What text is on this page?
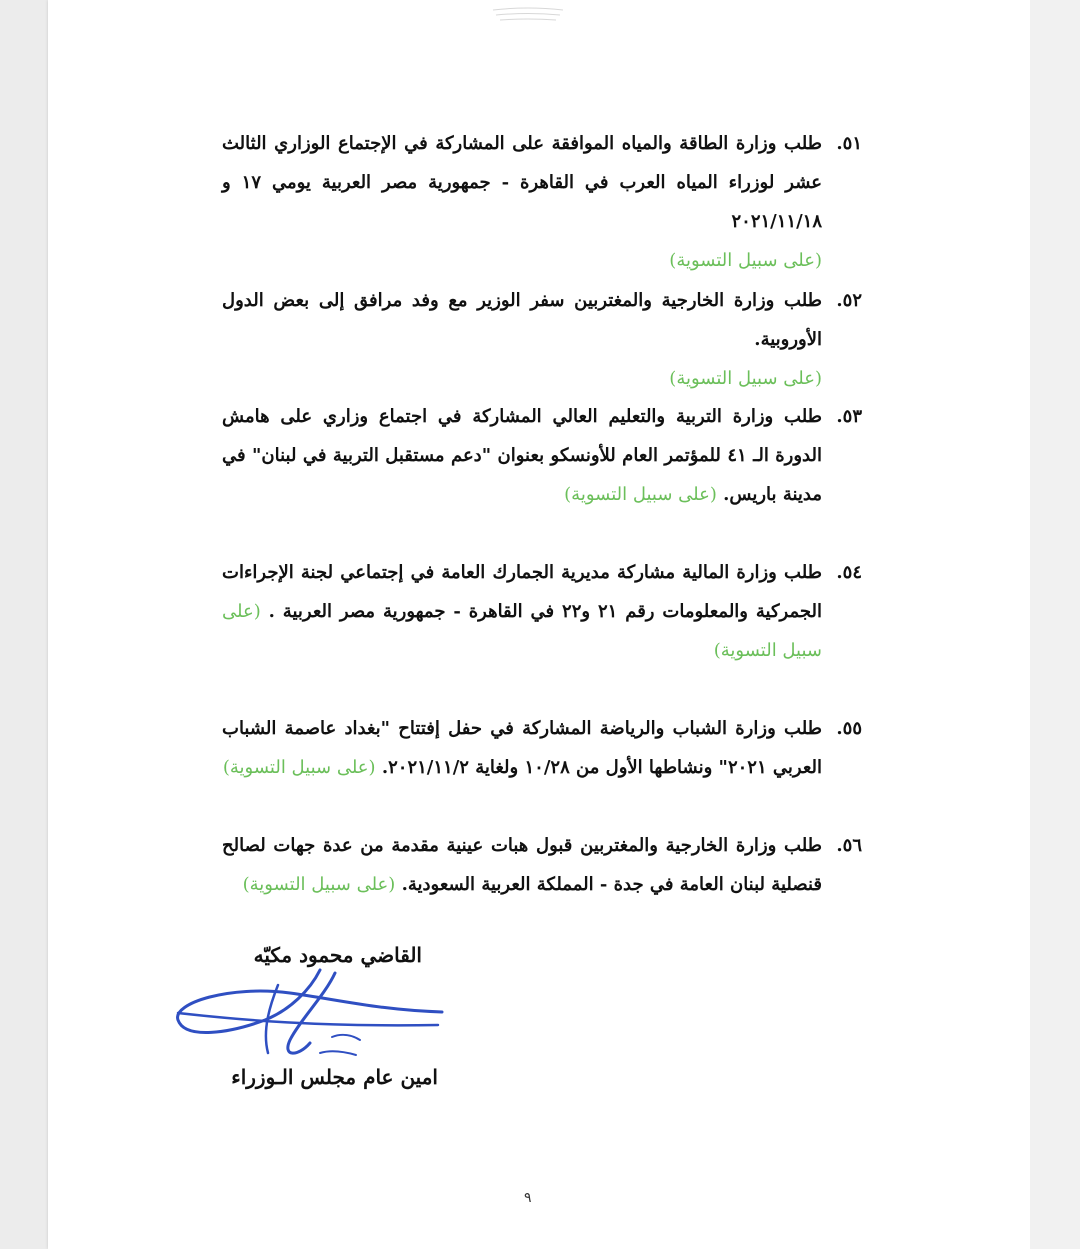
٥١.
طلب وزارة الطاقة والمياه الموافقة على المشاركة في الإجتماع الوزاري الثالث عشر لوزراء المياه العرب في القاهرة - جمهورية مصر العربية يومي ١٧ و ٢٠٢١/١١/١٨
(على سبيل التسوية)
٥٢.
طلب وزارة الخارجية والمغتربين سفر الوزير مع وفد مرافق إلى بعض الدول الأوروبية.
(على سبيل التسوية)
٥٣.
طلب وزارة التربية والتعليم العالي المشاركة في اجتماع وزاري على هامش الدورة الـ ٤١ للمؤتمر العام للأونسكو بعنوان "دعم مستقبل التربية في لبنان" في مدينة باريس. (على سبيل التسوية)
٥٤.
طلب وزارة المالية مشاركة مديرية الجمارك العامة في إجتماعي لجنة الإجراءات الجمركية والمعلومات رقم ٢١ و٢٢ في القاهرة - جمهورية مصر العربية . (على سبيل التسوية)
٥٥.
طلب وزارة الشباب والرياضة المشاركة في حفل إفتتاح "بغداد عاصمة الشباب العربي ٢٠٢١" ونشاطها الأول من ١٠/٢٨ ولغاية ٢٠٢١/١١/٢. (على سبيل التسوية)
٥٦.
طلب وزارة الخارجية والمغتربين قبول هبات عينية مقدمة من عدة جهات لصالح قنصلية لبنان العامة في جدة - المملكة العربية السعودية. (على سبيل التسوية)
القاضي محمود مكيّه
امين عام مجلس الـوزراء
٩
